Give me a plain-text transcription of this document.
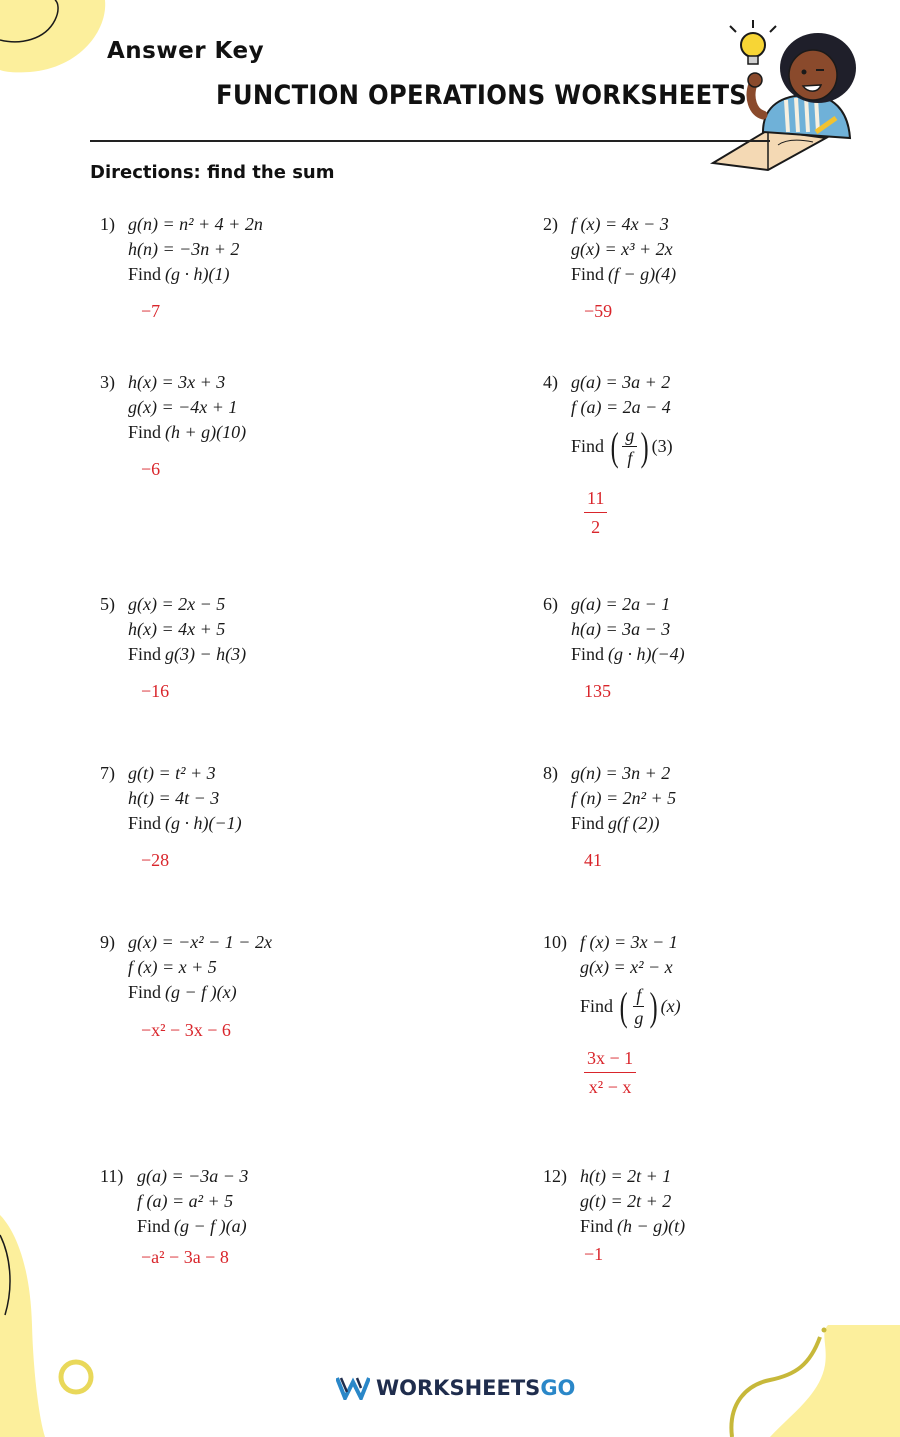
Answer Key
FUNCTION OPERATIONS WORKSHEETS
Directions: find the sum
1) g(n) = n² + 4 + 2n
h(n) = −3n + 2
Find (g · h)(1)
−7
2) f (x) = 4x − 3
g(x) = x³ + 2x
Find (f − g)(4)
−59
3) h(x) = 3x + 3
g(x) = −4x + 1
Find (h + g)(10)
−6
4) g(a) = 3a + 2
f (a) = 2a − 4
Find ( $\frac{g}{f}$ ) (3)
$\frac{11}{2}$
5) g(x) = 2x − 5
h(x) = 4x + 5
Find g(3) − h(3)
−16
6) g(a) = 2a − 1
h(a) = 3a − 3
Find (g · h)(−4)
135
7) g(t) = t² + 3
h(t) = 4t − 3
Find (g · h)(−1)
−28
8) g(n) = 3n + 2
f (n) = 2n² + 5
Find g(f (2))
41
9) g(x) = −x² − 1 − 2x
f (x) = x + 5
Find (g − f )(x)
−x² − 3x − 6
10) f (x) = 3x − 1
g(x) = x² − x
Find ( $\frac{f}{g}$ ) (x)
$\frac{3x - 1}{\text{x² − x}}$
11) g(a) = −3a − 3
f (a) = a² + 5
Find (g − f )(a)
−a² − 3a − 8
12) h(t) = 2t + 1
g(t) = 2t + 2
Find (h − g)(t)
−1
WORKSHEETS GO
